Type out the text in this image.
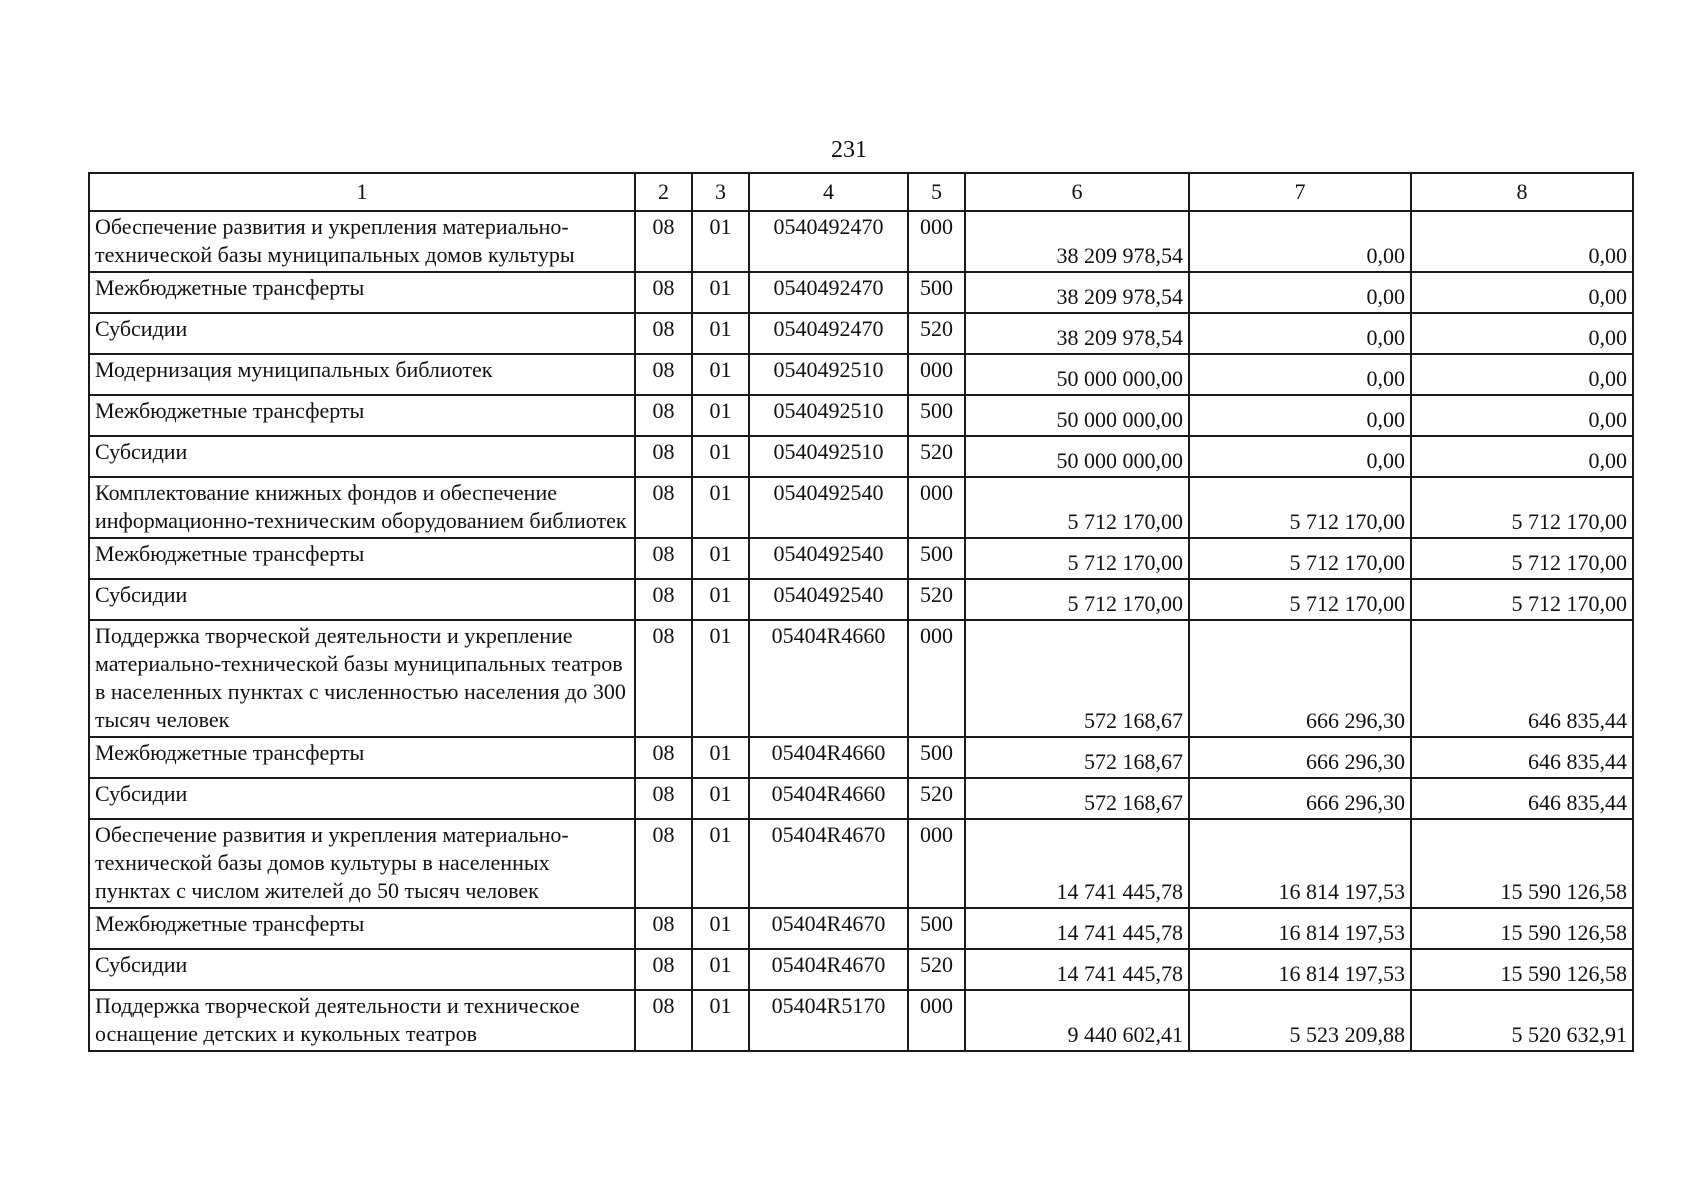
231
1	2	3	4	5	6	7	8
Обеспечение развития и укрепления материально-технической базы муниципальных домов культуры	08	01	0540492470	000	38 209 978,54	0,00	0,00
Межбюджетные трансферты	08	01	0540492470	500	38 209 978,54	0,00	0,00
Субсидии	08	01	0540492470	520	38 209 978,54	0,00	0,00
Модернизация муниципальных библиотек	08	01	0540492510	000	50 000 000,00	0,00	0,00
Межбюджетные трансферты	08	01	0540492510	500	50 000 000,00	0,00	0,00
Субсидии	08	01	0540492510	520	50 000 000,00	0,00	0,00
Комплектование книжных фондов и обеспечение информационно-техническим оборудованием библиотек	08	01	0540492540	000	5 712 170,00	5 712 170,00	5 712 170,00
Межбюджетные трансферты	08	01	0540492540	500	5 712 170,00	5 712 170,00	5 712 170,00
Субсидии	08	01	0540492540	520	5 712 170,00	5 712 170,00	5 712 170,00
Поддержка творческой деятельности и укрепление материально-технической базы муниципальных театров в населенных пунктах с численностью населения до 300 тысяч человек	08	01	05404R4660	000	572 168,67	666 296,30	646 835,44
Межбюджетные трансферты	08	01	05404R4660	500	572 168,67	666 296,30	646 835,44
Субсидии	08	01	05404R4660	520	572 168,67	666 296,30	646 835,44
Обеспечение развития и укрепления материально-технической базы домов культуры в населенных пунктах с числом жителей до 50 тысяч человек	08	01	05404R4670	000	14 741 445,78	16 814 197,53	15 590 126,58
Межбюджетные трансферты	08	01	05404R4670	500	14 741 445,78	16 814 197,53	15 590 126,58
Субсидии	08	01	05404R4670	520	14 741 445,78	16 814 197,53	15 590 126,58
Поддержка творческой деятельности и техническое оснащение детских и кукольных театров	08	01	05404R5170	000	9 440 602,41	5 523 209,88	5 520 632,91
